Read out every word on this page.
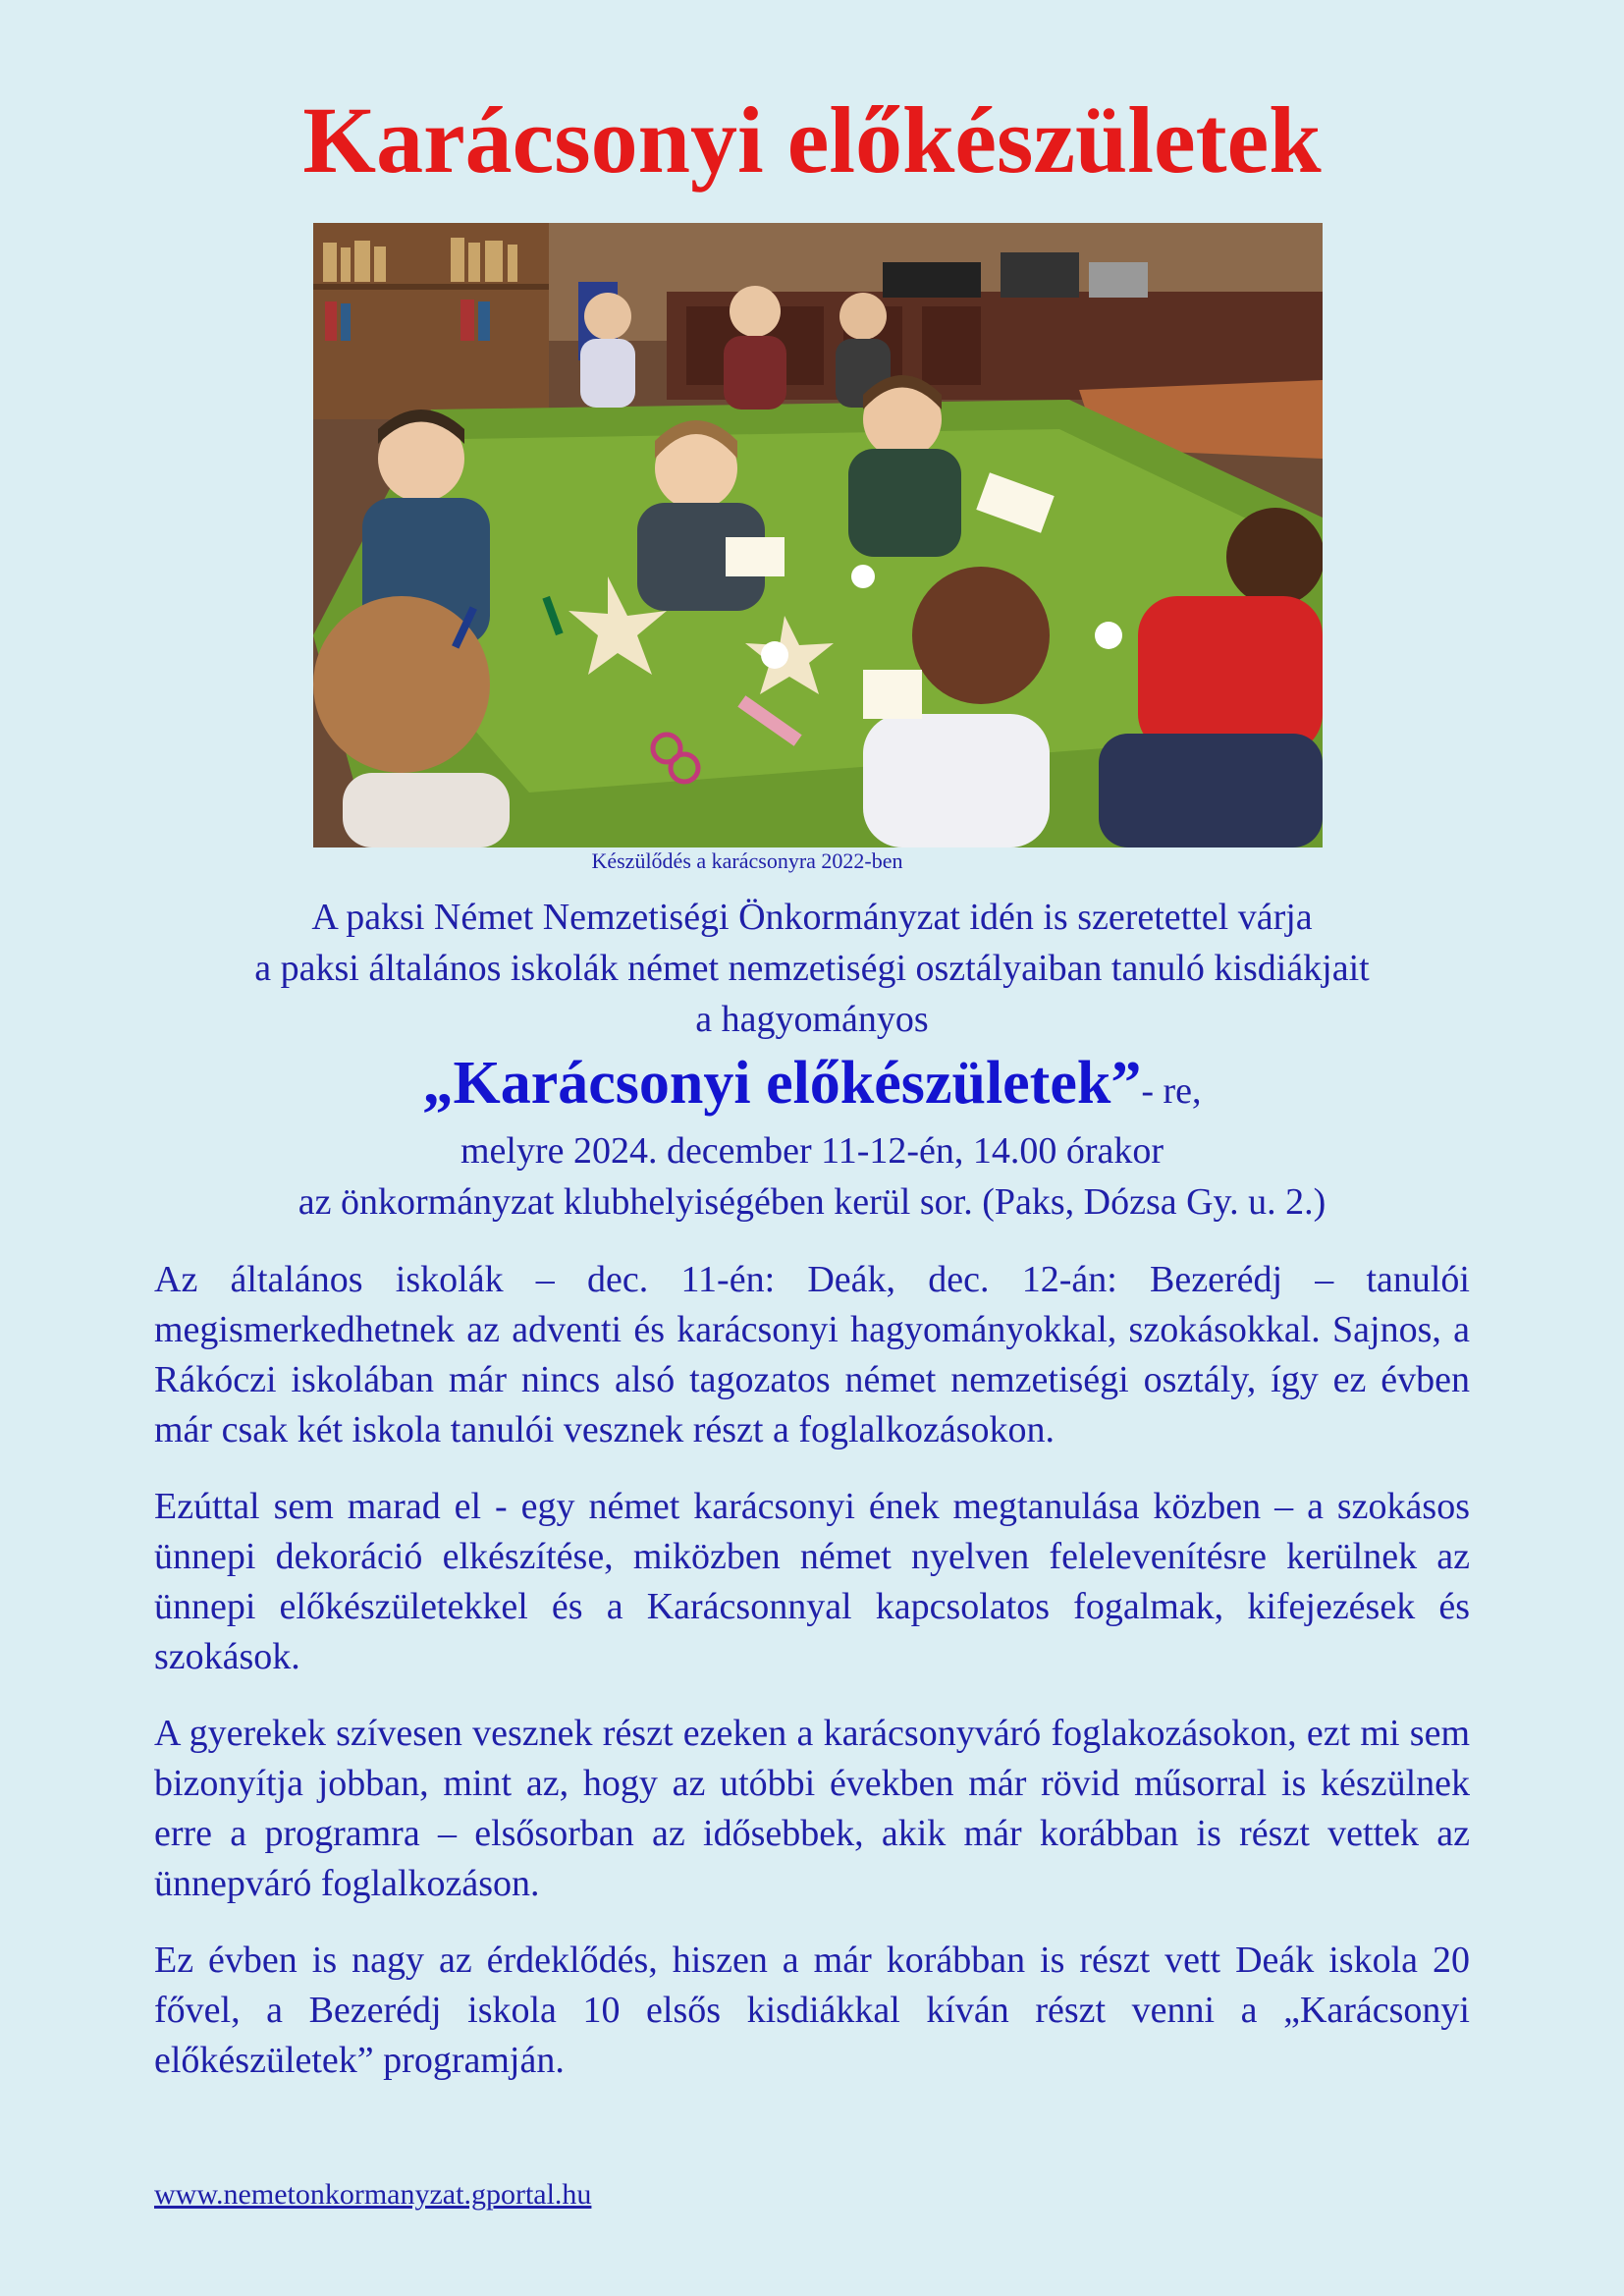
Karácsonyi előkészületek
Készülődés a karácsonyra 2022-ben
A paksi Német Nemzetiségi Önkormányzat idén is szeretettel várja
a paksi általános iskolák német nemzetiségi osztályaiban tanuló kisdiákjait
a hagyományos
„Karácsonyi előkészületek”- re,
melyre 2024. december 11-12-én, 14.00 órakor
az önkormányzat klubhelyiségében kerül sor. (Paks, Dózsa Gy. u. 2.)

Az általános iskolák – dec. 11-én: Deák, dec. 12-án: Bezerédj – tanulói megismerkedhetnek az adventi és karácsonyi hagyományokkal, szokásokkal. Sajnos, a Rákóczi iskolában már nincs alsó tagozatos német nemzetiségi osztály, így ez évben már csak két iskola tanulói vesznek részt a foglalkozásokon.

Ezúttal sem marad el - egy német karácsonyi ének megtanulása közben – a szokásos ünnepi dekoráció elkészítése, miközben német nyelven felelevenítésre kerülnek az ünnepi előkészületekkel és a Karácsonnyal kapcsolatos fogalmak, kifejezések és szokások.

A gyerekek szívesen vesznek részt ezeken a karácsonyváró foglakozásokon, ezt mi sem bizonyítja jobban, mint az, hogy az utóbbi években már rövid műsorral is készülnek erre a programra – elsősorban az idősebbek, akik már korábban is részt vettek az ünnepváró foglalkozáson.

Ez évben is nagy az érdeklődés, hiszen a már korábban is részt vett Deák iskola 20 fővel, a Bezerédj iskola 10 elsős kisdiákkal kíván részt venni a „Karácsonyi előkészületek” programján.

www.nemetonkormanyzat.gportal.hu
